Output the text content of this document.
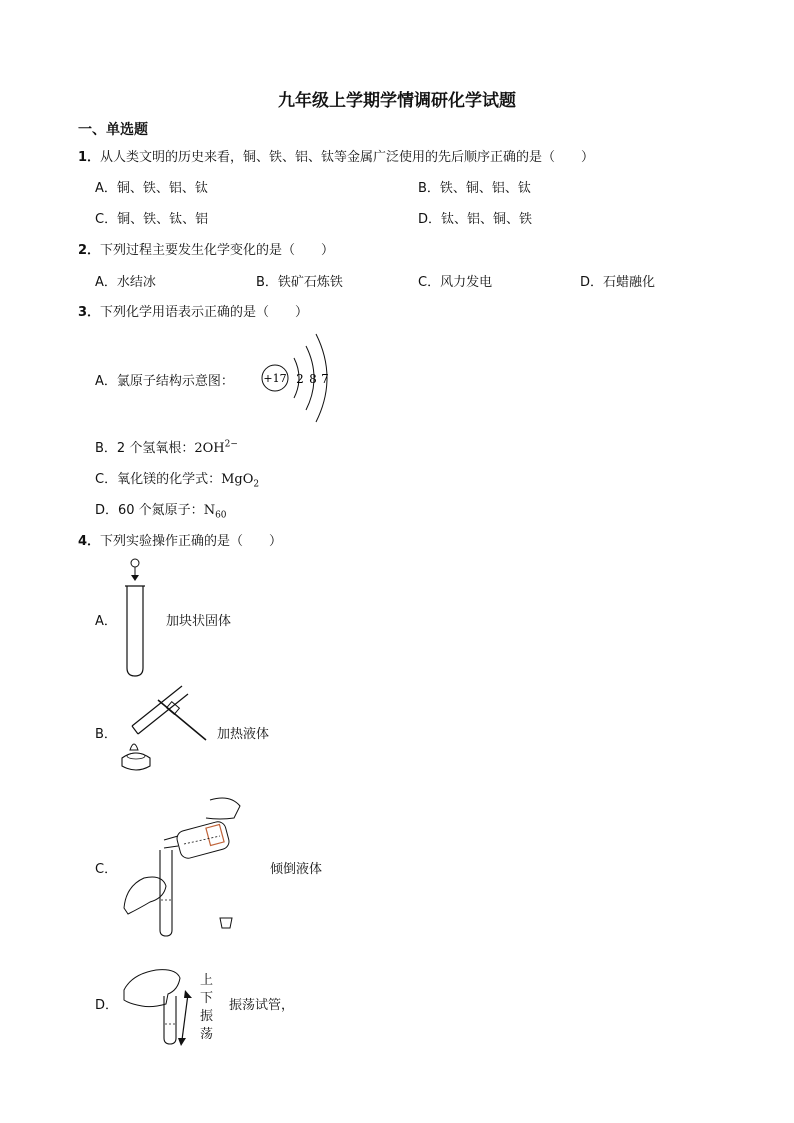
九年级上学期学情调研化学试题
一、单选题
1．从人类文明的历史来看，铜、铁、铝、钛等金属广泛使用的先后顺序正确的是（　　）
A．铜、铁、铝、钛	B．铁、铜、铝、钛
C．铜、铁、钛、铝	D．钛、铝、铜、铁
2．下列过程主要发生化学变化的是（　　）
A．水结冰	B．铁矿石炼铁	C．风力发电	D．石蜡融化
3．下列化学用语表示正确的是（　　）
A．氯原子结构示意图：	+17 2 8 7
B．2 个氢氧根：$2OH^{2-}$
C．氧化镁的化学式：MgO$_2$
D．60 个氮原子：$N_{60}$
4．下列实验操作正确的是（　　）
A．	加块状固体
B．	加热液体
C．	倾倒液体
D．
上
下
振
荡
振荡试管，
